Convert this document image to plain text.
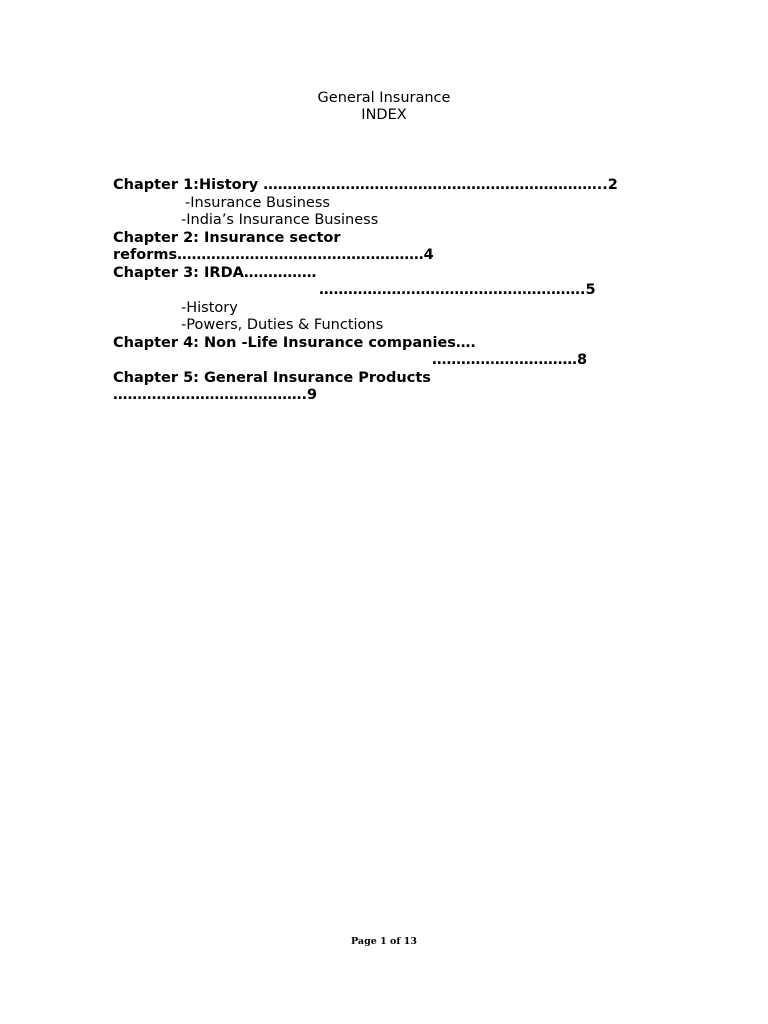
General Insurance
INDEX
Chapter 1:History ……………………………………………………………..2
-Insurance Business
-India’s Insurance Business
Chapter 2: Insurance sector
reforms……………………………………………4
Chapter 3: IRDA……………
……………………………………………….5
-History
-Powers, Duties & Functions
Chapter 4: Non -Life Insurance companies….
…………………………8
Chapter 5: General Insurance Products
………………………………….9
Page 1 of 13
